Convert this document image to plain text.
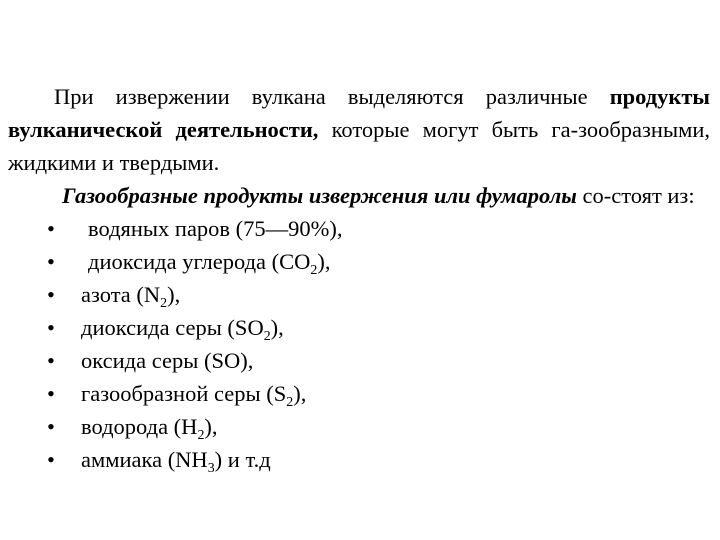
При извержении вулкана выделяются различные продукты вулканической деятельности, которые могут быть га-зообразными, жидкими и твердыми.

Газообразные продукты извержения или фумаролы со-стоят из:

• водяных паров (75—90%),
• диоксида углерода $(CO_2)$,
• азота $(N_2)$,
• диоксида серы $(SO_2)$,
• оксида серы (SO),
• газообразной серы $(S_2)$,
• водорода $(H_2)$,
• аммиака $(NH_3)$ и т.д
